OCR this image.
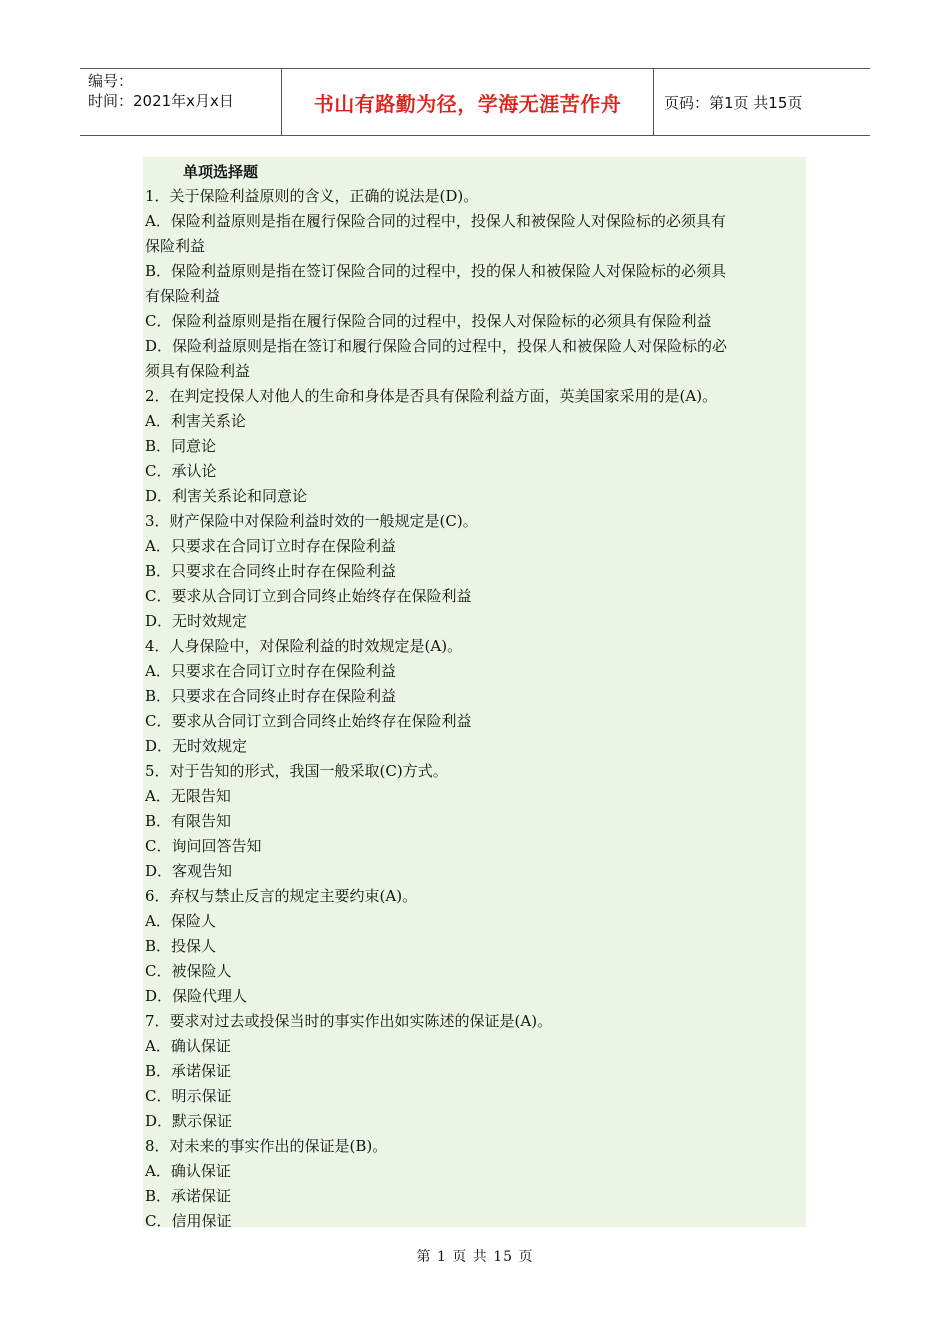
编号：
时间：2021年x月x日	书山有路勤为径，学海无涯苦作舟	页码：第1页 共15页
单项选择题
1．关于保险利益原则的含义，正确的说法是(D)。
A．保险利益原则是指在履行保险合同的过程中，投保人和被保险人对保险标的必须具有
保险利益
B．保险利益原则是指在签订保险合同的过程中，投的保人和被保险人对保险标的必须具
有保险利益
C．保险利益原则是指在履行保险合同的过程中，投保人对保险标的必须具有保险利益
D．保险利益原则是指在签订和履行保险合同的过程中，投保人和被保险人对保险标的必
须具有保险利益
2．在判定投保人对他人的生命和身体是否具有保险利益方面，英美国家采用的是(A)。
A．利害关系论
B．同意论
C．承认论
D．利害关系论和同意论
3．财产保险中对保险利益时效的一般规定是(C)。
A．只要求在合同订立时存在保险利益
B．只要求在合同终止时存在保险利益
C．要求从合同订立到合同终止始终存在保险利益
D．无时效规定
4．人身保险中，对保险利益的时效规定是(A)。
A．只要求在合同订立时存在保险利益
B．只要求在合同终止时存在保险利益
C．要求从合同订立到合同终止始终存在保险利益
D．无时效规定
5．对于告知的形式，我国一般采取(C)方式。
A．无限告知
B．有限告知
C．询问回答告知
D．客观告知
6．弃权与禁止反言的规定主要约束(A)。
A．保险人
B．投保人
C．被保险人
D．保险代理人
7．要求对过去或投保当时的事实作出如实陈述的保证是(A)。
A．确认保证
B．承诺保证
C．明示保证
D．默示保证
8．对未来的事实作出的保证是(B)。
A．确认保证
B．承诺保证
C．信用保证
第 1 页 共 15 页
